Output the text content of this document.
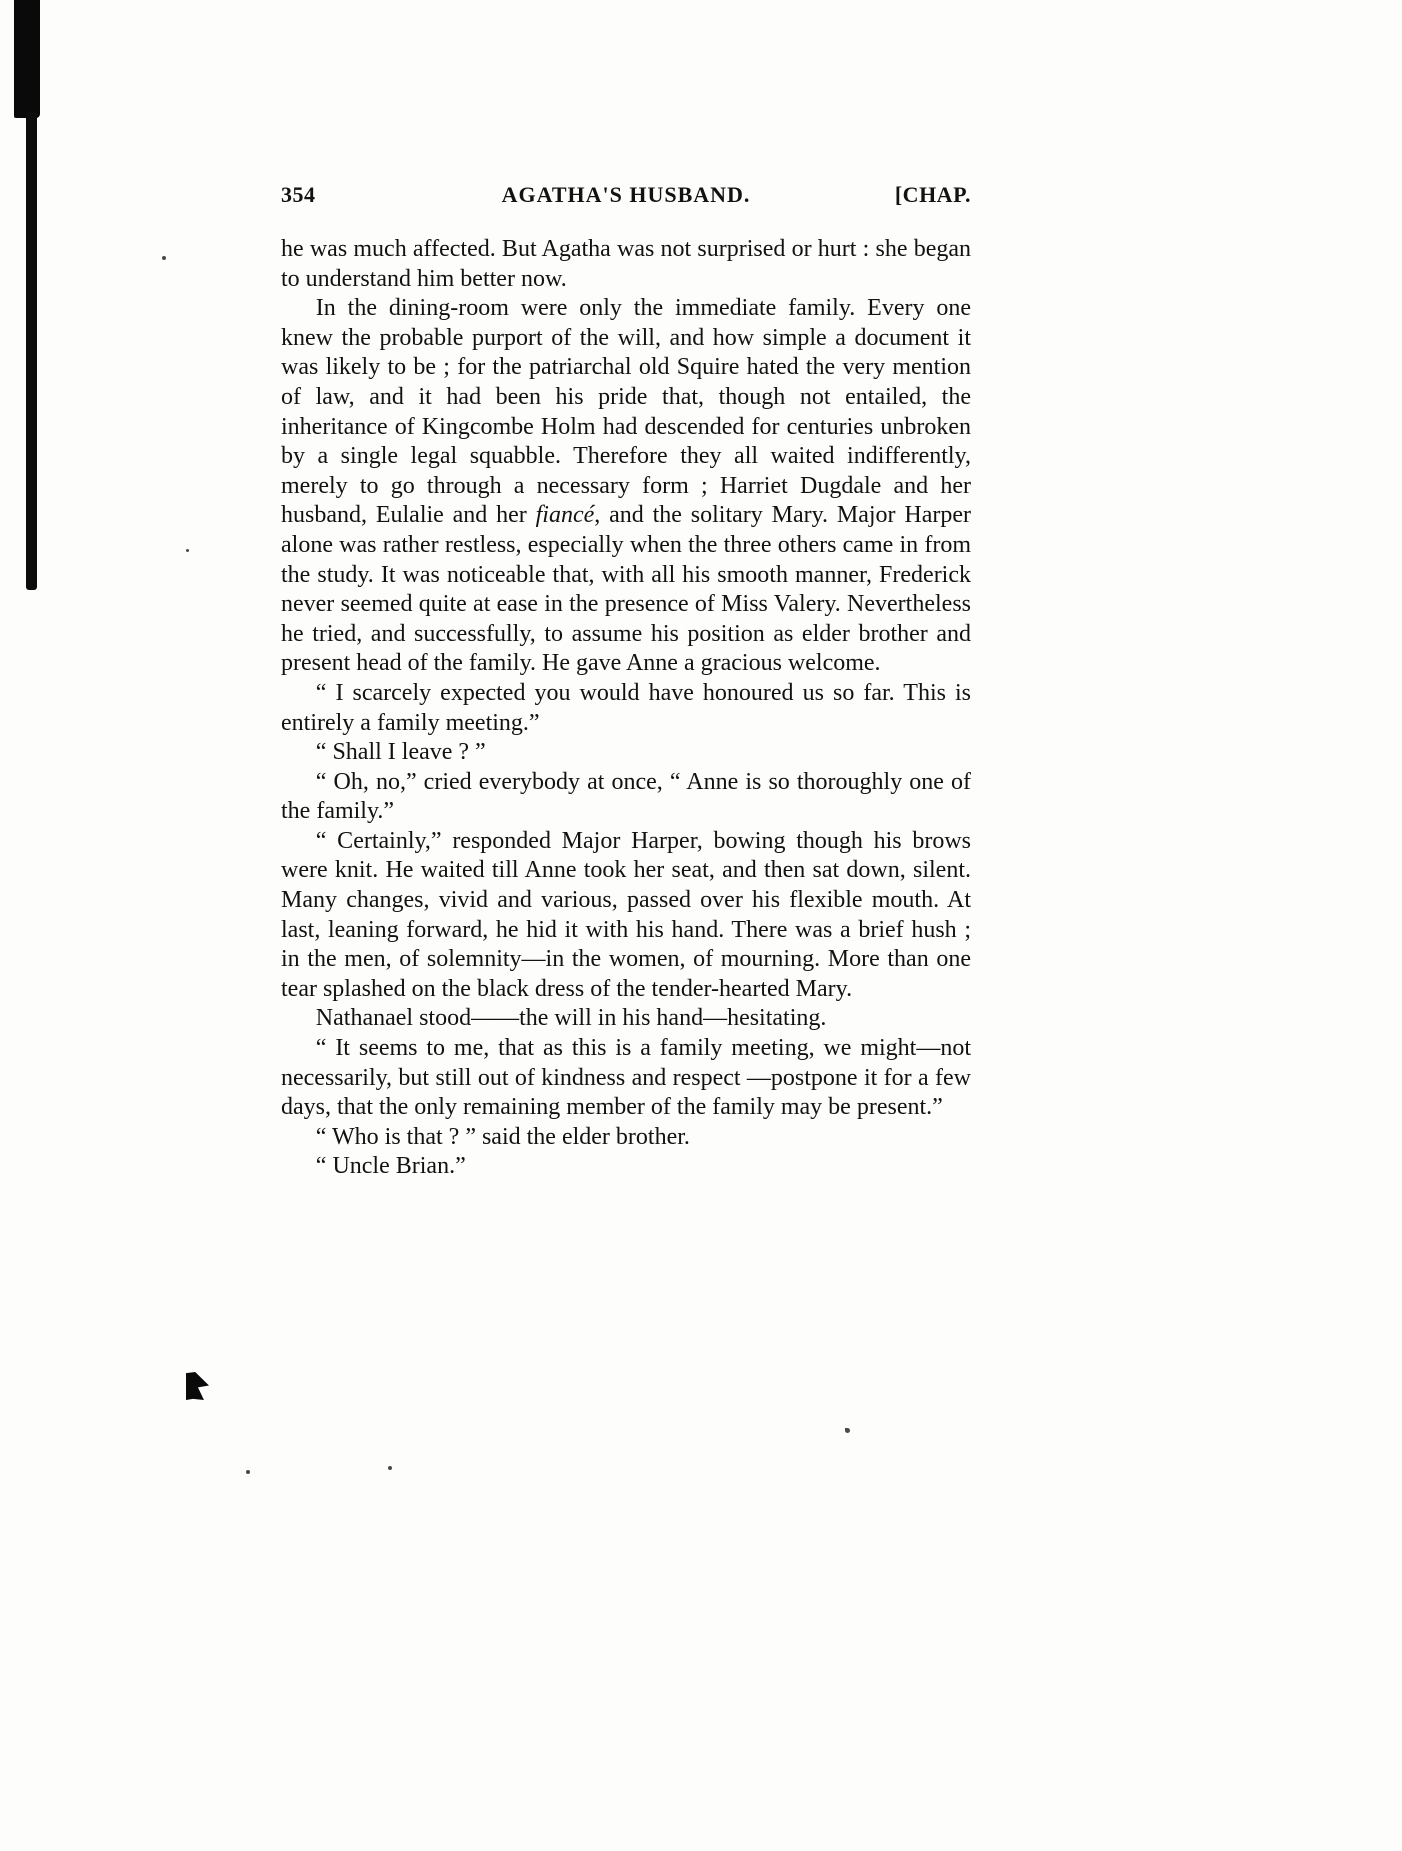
354	AGATHA'S HUSBAND.	[CHAP.

he was much affected. But Agatha was not surprised or hurt : she began to understand him better now.

In the dining-room were only the immediate family. Every one knew the probable purport of the will, and how simple a document it was likely to be ; for the patriarchal old Squire hated the very mention of law, and it had been his pride that, though not entailed, the inheritance of Kingcombe Holm had descended for centuries unbroken by a single legal squabble. Therefore they all waited indifferently, merely to go through a necessary form ; Harriet Dugdale and her husband, Eulalie and her fiancé, and the solitary Mary. Major Harper alone was rather restless, especially when the three others came in from the study. It was noticeable that, with all his smooth manner, Frederick never seemed quite at ease in the presence of Miss Valery. Nevertheless he tried, and successfully, to assume his position as elder brother and present head of the family. He gave Anne a gracious welcome.

“ I scarcely expected you would have honoured us so far. This is entirely a family meeting.”

“ Shall I leave ? ”

“ Oh, no,” cried everybody at once, “ Anne is so thoroughly one of the family.”

“ Certainly,” responded Major Harper, bowing though his brows were knit. He waited till Anne took her seat, and then sat down, silent. Many changes, vivid and various, passed over his flexible mouth. At last, leaning forward, he hid it with his hand. There was a brief hush ; in the men, of solemnity—in the women, of mourning. More than one tear splashed on the black dress of the tender-hearted Mary.

Nathanael stood——the will in his hand—hesitating.

“ It seems to me, that as this is a family meeting, we might—not necessarily, but still out of kindness and respect —postpone it for a few days, that the only remaining member of the family may be present.”

“ Who is that ? ” said the elder brother.

“ Uncle Brian.”
